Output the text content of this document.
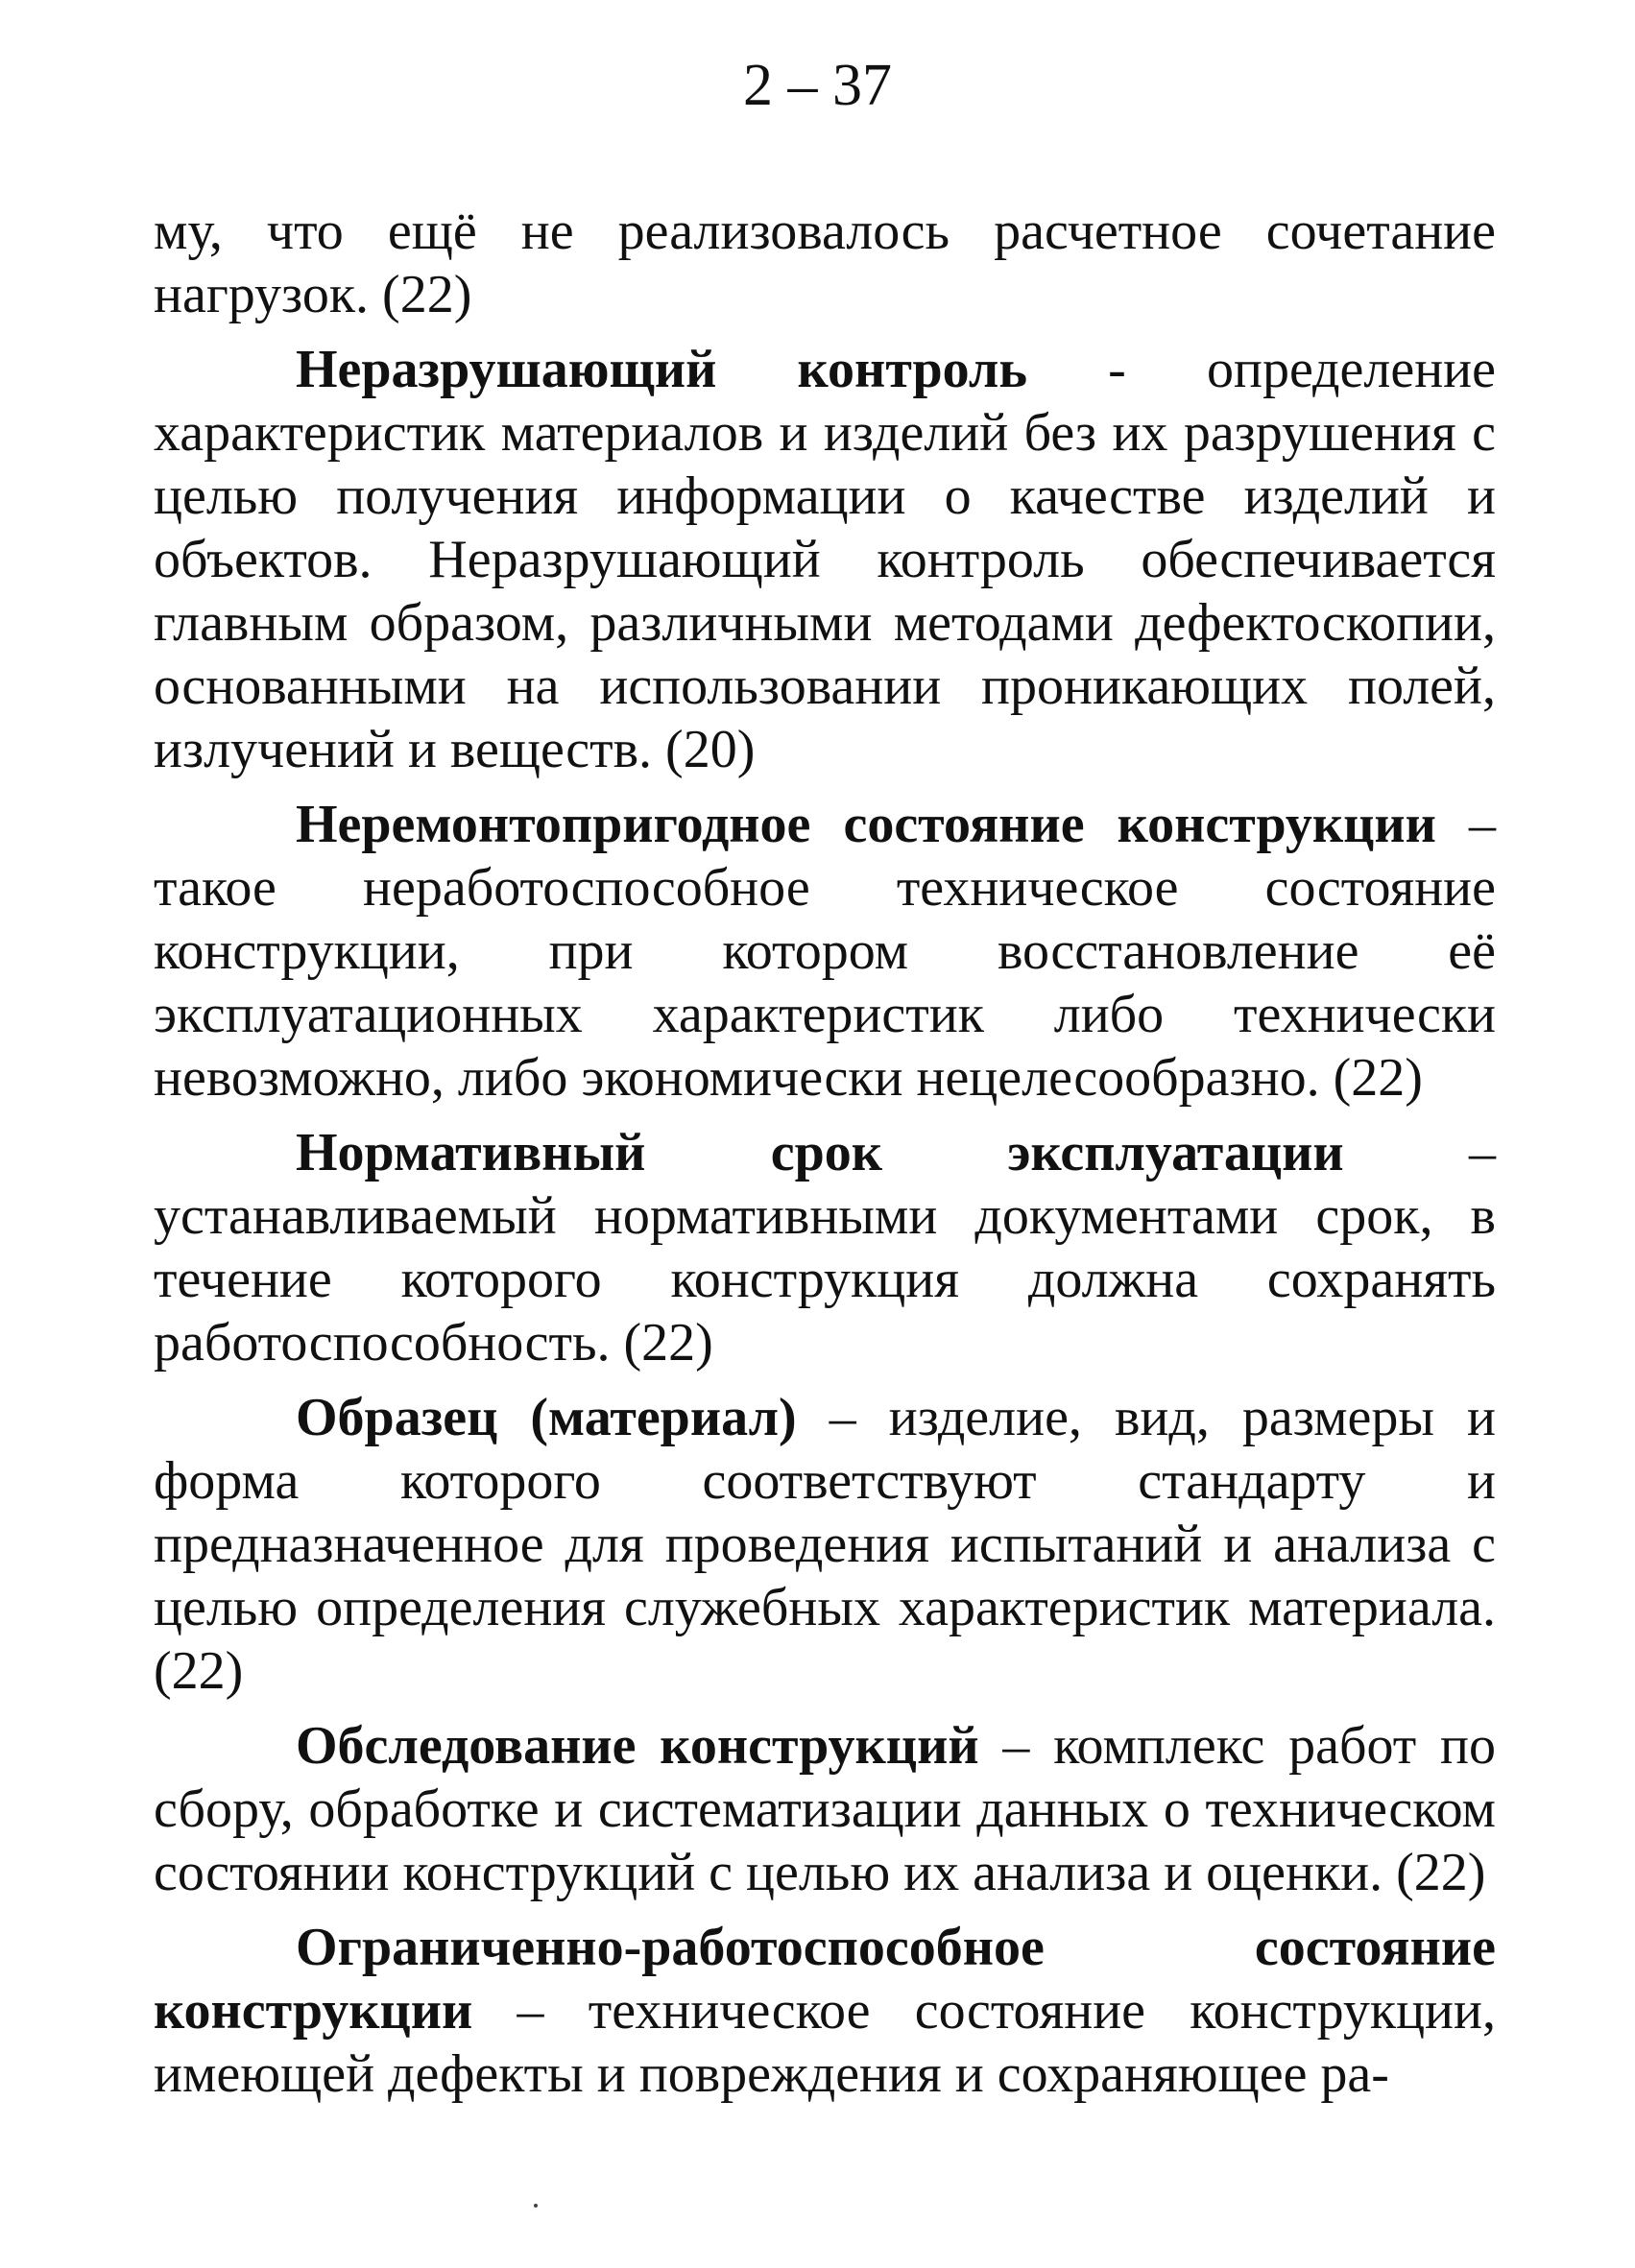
2 – 37

му, что ещё не реализовалось расчетное сочетание нагрузок. (22)

Неразрушающий контроль - определение характеристик материалов и изделий без их разрушения с целью получения информации о качестве изделий и объектов. Неразрушающий контроль обеспечивается главным образом, различными методами дефектоскопии, основанными на использовании проникающих полей, излучений и веществ. (20)

Неремонтопригодное состояние конструкции – такое неработоспособное техническое состояние конструкции, при котором восстановление её эксплуатационных характеристик либо технически невозможно, либо экономически нецелесообразно. (22)

Нормативный срок эксплуатации – устанавливаемый нормативными документами срок, в течение которого конструкция должна сохранять работоспособность. (22)

Образец (материал) – изделие, вид, размеры и форма которого соответствуют стандарту и предназначенное для проведения испытаний и анализа с целью определения служебных характеристик материала. (22)

Обследование конструкций – комплекс работ по сбору, обработке и систематизации данных о техническом состоянии конструкций с целью их анализа и оценки. (22)

Ограниченно-работоспособное состояние конструкции – техническое состояние конструкции, имеющей дефекты и повреждения и сохраняющее ра-
